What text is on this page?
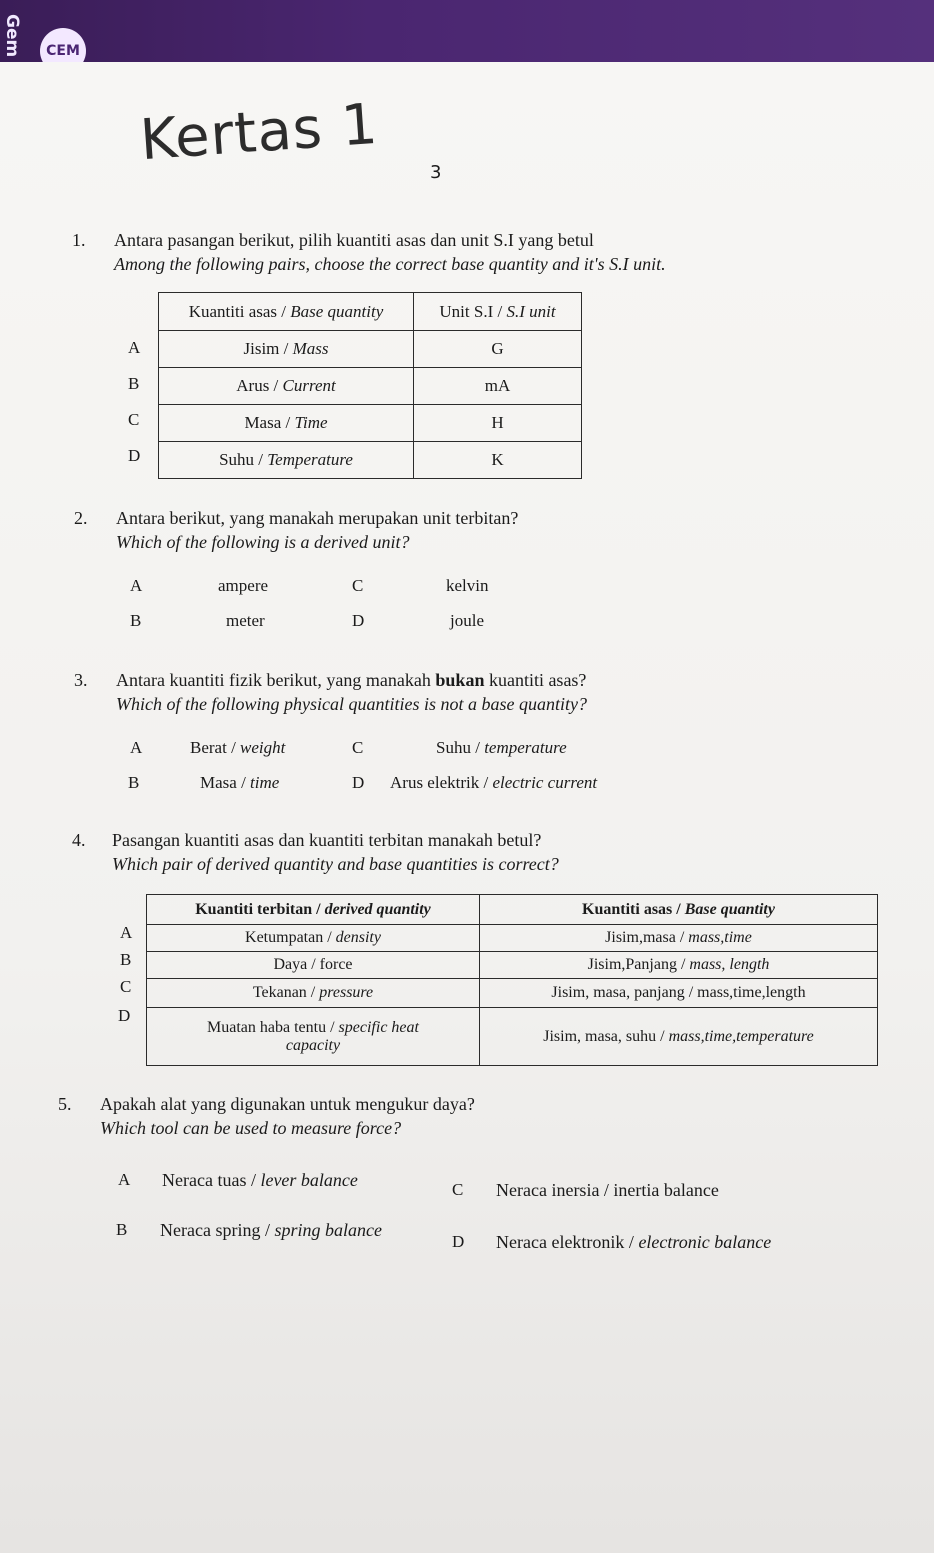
Gem	CEM
Kertas 1	3
1. Antara pasangan berikut, pilih kuantiti asas dan unit S.I yang betul
Among the following pairs, choose the correct base quantity and it's S.I unit.
A
B
C
D
Kuantiti asas / Base quantity	Unit S.I / S.I unit
Jisim / Mass	G
Arus / Current	mA
Masa / Time	H
Suhu / Temperature	K
2. Antara berikut, yang manakah merupakan unit terbitan?
Which of the following is a derived unit?
A	ampere
B	meter
C	kelvin
D	joule
3. Antara kuantiti fizik berikut, yang manakah bukan kuantiti asas?
Which of the following physical quantities is not a base quantity?
A	Berat / weight
B	Masa / time
C	Suhu / temperature
D Arus elektrik / electric current
4. Pasangan kuantiti asas dan kuantiti terbitan manakah betul?
Which pair of derived quantity and base quantities is correct?
A
B
C
D
Kuantiti terbitan / derived quantity	Kuantiti asas / Base quantity
Ketumpatan / density	Jisim,masa / mass,time
Daya / force	Jisim,Panjang / mass, length
Tekanan / pressure	Jisim, masa, panjang / mass,time,length
Muatan haba tentu / specific heat
capacity	Jisim, masa, suhu / mass,time,temperature
5. Apakah alat yang digunakan untuk mengukur daya?
Which tool can be used to measure force?
A Neraca tuas / lever balance
B Neraca spring / spring balance
C Neraca inersia / inertia balance
D Neraca elektronik / electronic balance
